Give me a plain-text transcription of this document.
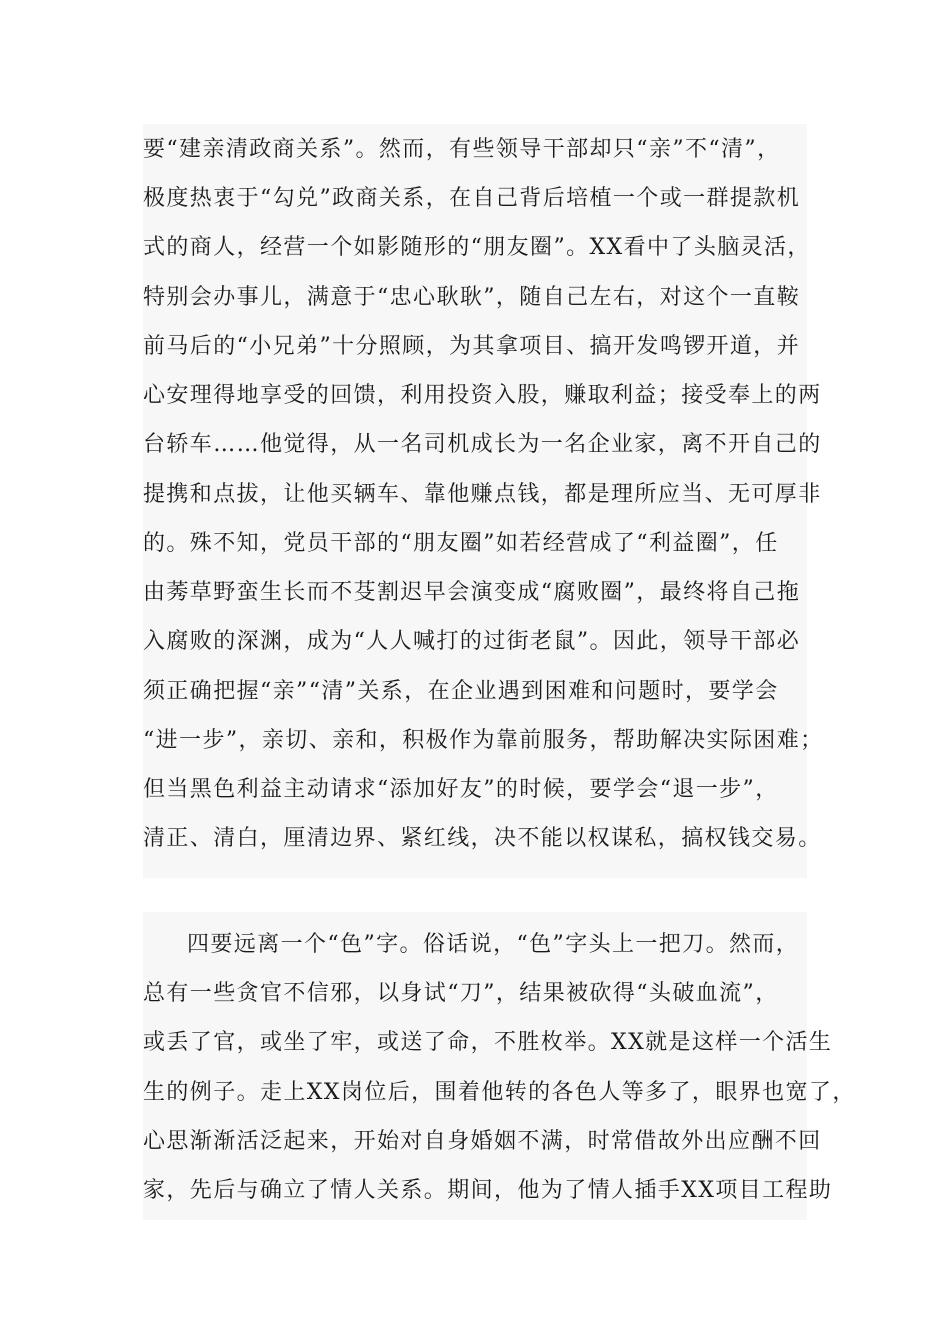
要“建亲清政商关系”。然而，有些领导干部却只“亲”不“清”，
极度热衷于“勾兑”政商关系，在自己背后培植一个或一群提款机
式的商人，经营一个如影随形的“朋友圈”。XX看中了头脑灵活，
特别会办事儿，满意于“忠心耿耿”，随自己左右，对这个一直鞍
前马后的“小兄弟”十分照顾，为其拿项目、搞开发鸣锣开道，并
心安理得地享受的回馈，利用投资入股，赚取利益；接受奉上的两
台轿车……他觉得，从一名司机成长为一名企业家，离不开自己的
提携和点拔，让他买辆车、靠他赚点钱，都是理所应当、无可厚非
的。殊不知，党员干部的“朋友圈”如若经营成了“利益圈”，任
由莠草野蛮生长而不芟割迟早会演变成“腐败圈”，最终将自己拖
入腐败的深渊，成为“人人喊打的过街老鼠”。因此，领导干部必
须正确把握“亲”“清”关系，在企业遇到困难和问题时，要学会
“进一步”，亲切、亲和，积极作为靠前服务，帮助解决实际困难；
但当黑色利益主动请求“添加好友”的时候，要学会“退一步”，
清正、清白，厘清边界、紧红线，决不能以权谋私，搞权钱交易。
四要远离一个“色”字。俗话说，“色”字头上一把刀。然而，
总有一些贪官不信邪，以身试“刀”，结果被砍得“头破血流”，
或丢了官，或坐了牢，或送了命，不胜枚举。XX就是这样一个活生
生的例子。走上XX岗位后，围着他转的各色人等多了，眼界也宽了，
心思渐渐活泛起来，开始对自身婚姻不满，时常借故外出应酬不回
家，先后与确立了情人关系。期间，他为了情人插手XX项目工程助
